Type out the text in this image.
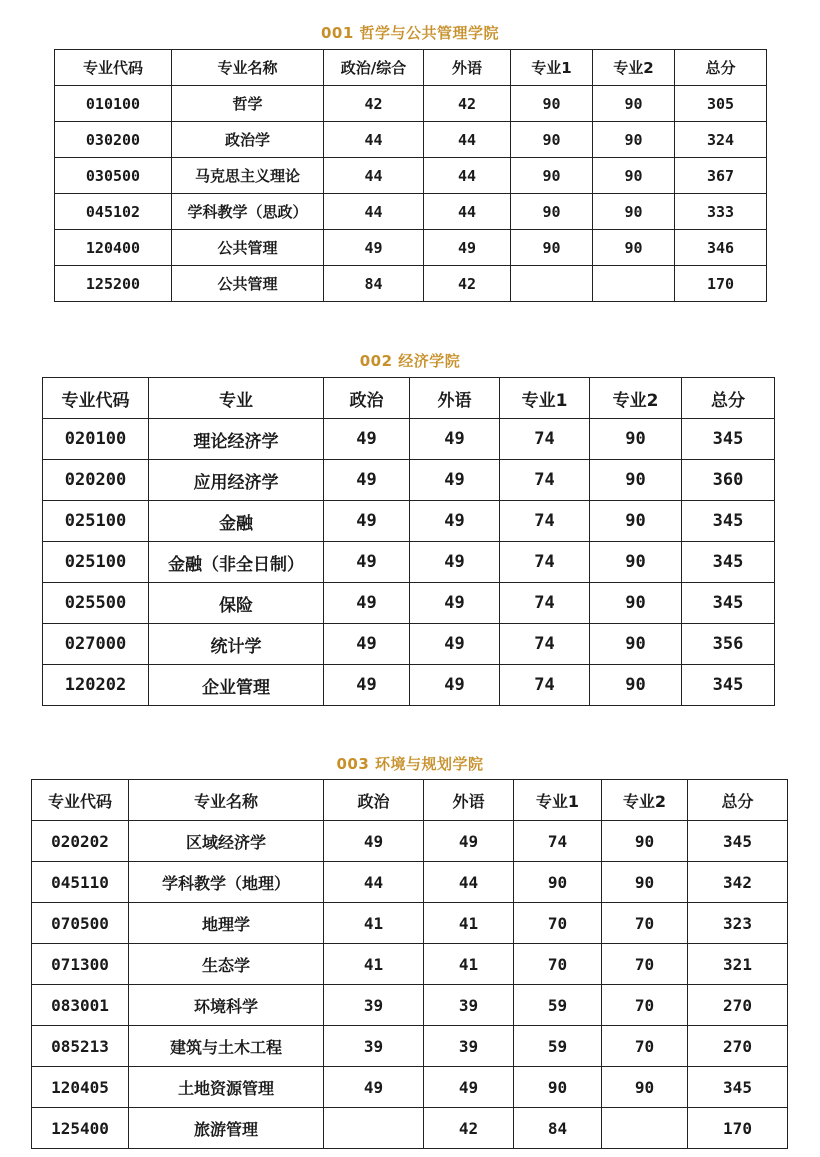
001 哲学与公共管理学院
专业代码	专业名称	政治/综合	外语	专业1	专业2	总分
010100	哲学	42	42	90	90	305
030200	政治学	44	44	90	90	324
030500	马克思主义理论	44	44	90	90	367
045102	学科教学（思政）	44	44	90	90	333
120400	公共管理	49	49	90	90	346
125200	公共管理	84	42			170
002 经济学院
专业代码	专业	政治	外语	专业1	专业2	总分
020100	理论经济学	49	49	74	90	345
020200	应用经济学	49	49	74	90	360
025100	金融	49	49	74	90	345
025100	金融（非全日制）	49	49	74	90	345
025500	保险	49	49	74	90	345
027000	统计学	49	49	74	90	356
120202	企业管理	49	49	74	90	345
003 环境与规划学院
专业代码	专业名称	政治	外语	专业1	专业2	总分
020202	区域经济学	49	49	74	90	345
045110	学科教学（地理）	44	44	90	90	342
070500	地理学	41	41	70	70	323
071300	生态学	41	41	70	70	321
083001	环境科学	39	39	59	70	270
085213	建筑与土木工程	39	39	59	70	270
120405	土地资源管理	49	49	90	90	345
125400	旅游管理		42	84		170
